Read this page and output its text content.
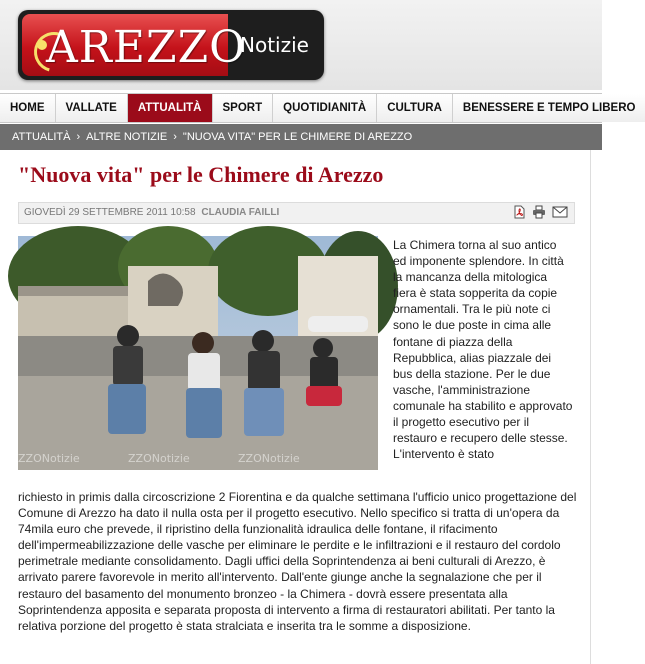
AREZZO
Notizie
HOME	VALLATE	ATTUALITÀ	SPORT	QUOTIDIANITÀ	CULTURA	BENESSERE E TEMPO LIBERO
ATTUALITÀ › ALTRE NOTIZIE › "NUOVA VITA" PER LE CHIMERE DI AREZZO
"Nuova vita" per le Chimere di Arezzo
GIOVEDÌ 29 SETTEMBRE 2011 10:58 CLAUDIA FAILLI
ZZONotizie	ZZONotizie	ZZONotizie
La Chimera torna al suo antico ed imponente splendore. In città la mancanza della mitologica fiera è stata sopperita da copie ornamentali. Tra le più note ci sono le due poste in cima alle fontane di piazza della Repubblica, alias piazzale dei bus della stazione. Per le due vasche, l'amministrazione comunale ha stabilito e approvato il progetto esecutivo per il restauro e recupero delle stesse. L'intervento è stato
richiesto in primis dalla circoscrizione 2 Fiorentina e da qualche settimana l'ufficio unico progettazione del Comune di Arezzo ha dato il nulla osta per il progetto esecutivo. Nello specifico si tratta di un'opera da 74mila euro che prevede, il ripristino della funzionalità idraulica delle fontane, il rifacimento dell'impermeabilizzazione delle vasche per eliminare le perdite e le infiltrazioni e il restauro del cordolo perimetrale mediante consolidamento. Dagli uffici della Soprintendenza ai beni culturali di Arezzo, è arrivato parere favorevole in merito all'intervento. Dall'ente giunge anche la segnalazione che per il restauro del basamento del monumento bronzeo - la Chimera - dovrà essere presentata alla Soprintendenza apposita e separata proposta di intervento a firma di restauratori abilitati. Per tanto la relativa porzione del progetto è stata stralciata e inserita tra le somme a disposizione.
